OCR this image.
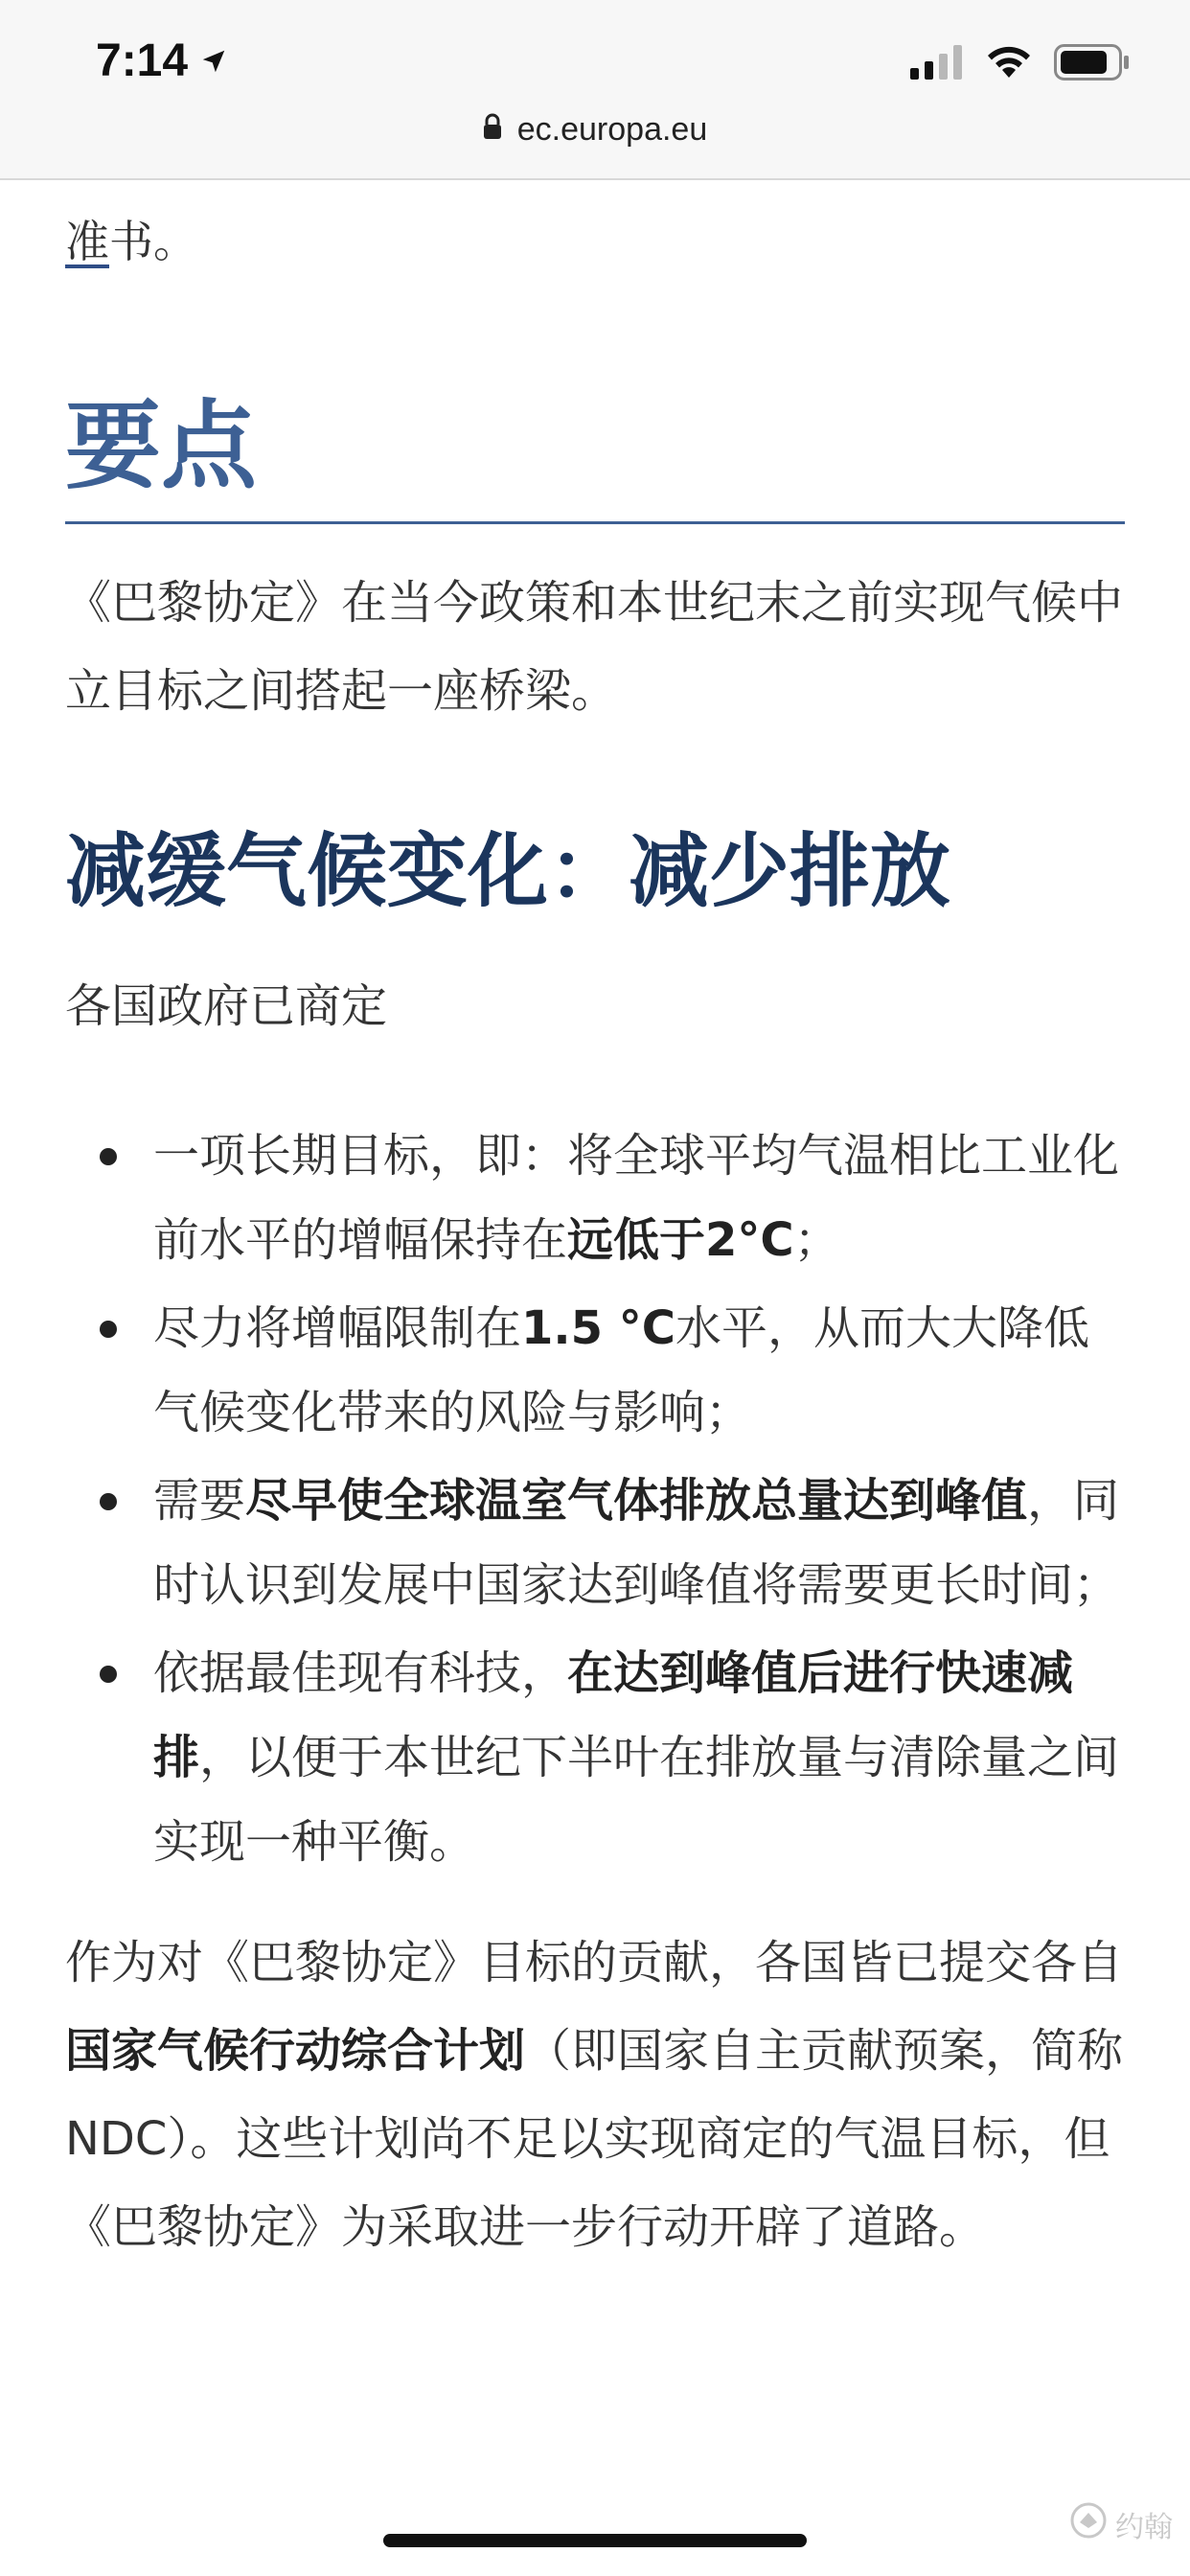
7:14
ec.europa.eu

准书。

要点

《巴黎协定》在当今政策和本世纪末之前实现气候中立目标之间搭起一座桥梁。

减缓气候变化：减少排放

各国政府已商定

一项长期目标，即：将全球平均气温相比工业化前水平的增幅保持在远低于2°C；
尽力将增幅限制在1.5 °C水平，从而大大降低气候变化带来的风险与影响；
需要尽早使全球温室气体排放总量达到峰值，同时认识到发展中国家达到峰值将需要更长时间；
依据最佳现有科技，在达到峰值后进行快速减排，以便于本世纪下半叶在排放量与清除量之间实现一种平衡。

作为对《巴黎协定》目标的贡献，各国皆已提交各自国家气候行动综合计划（即国家自主贡献预案，简称NDC）。这些计划尚不足以实现商定的气温目标，但《巴黎协定》为采取进一步行动开辟了道路。

约翰
